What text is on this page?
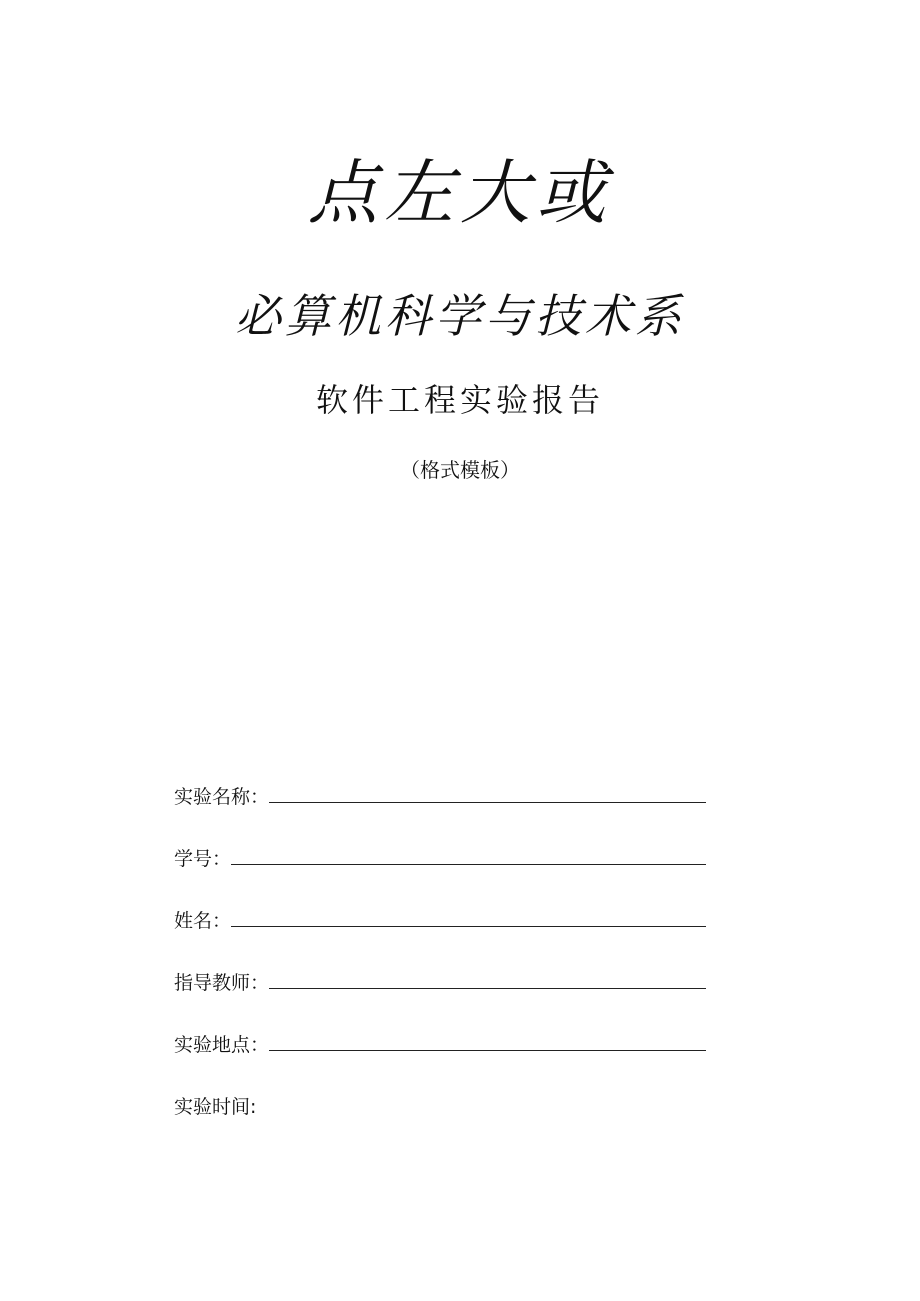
点左大或
必算机科学与技术系
软件工程实验报告
（格式模板）
实验名称：
学号：
姓名：
指导教师：
实验地点：
实验时间:
